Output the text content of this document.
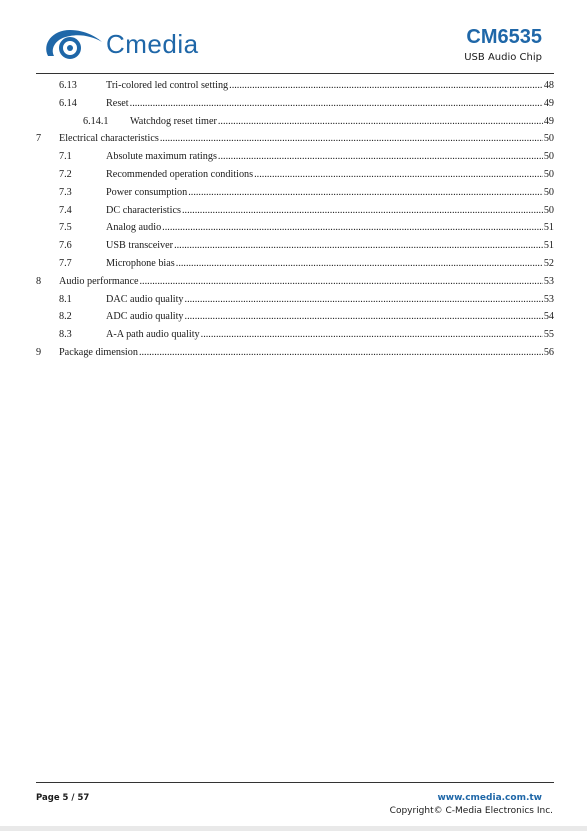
Cmedia	CM6535
USB Audio Chip
6.13	Tri-colored led control setting .....	48
6.14	Reset .....	49
6.14.1	Watchdog reset timer .....	49
7	Electrical characteristics .....	50
7.1	Absolute maximum ratings .....	50
7.2	Recommended operation conditions .....	50
7.3	Power consumption .....	50
7.4	DC characteristics .....	50
7.5	Analog audio .....	51
7.6	USB transceiver .....	51
7.7	Microphone bias .....	52
8	Audio performance .....	53
8.1	DAC audio quality .....	53
8.2	ADC audio quality .....	54
8.3	A-A path audio quality .....	55
9	Package dimension .....	56
Page 5 / 57	www.cmedia.com.tw
Copyright© C-Media Electronics Inc.
